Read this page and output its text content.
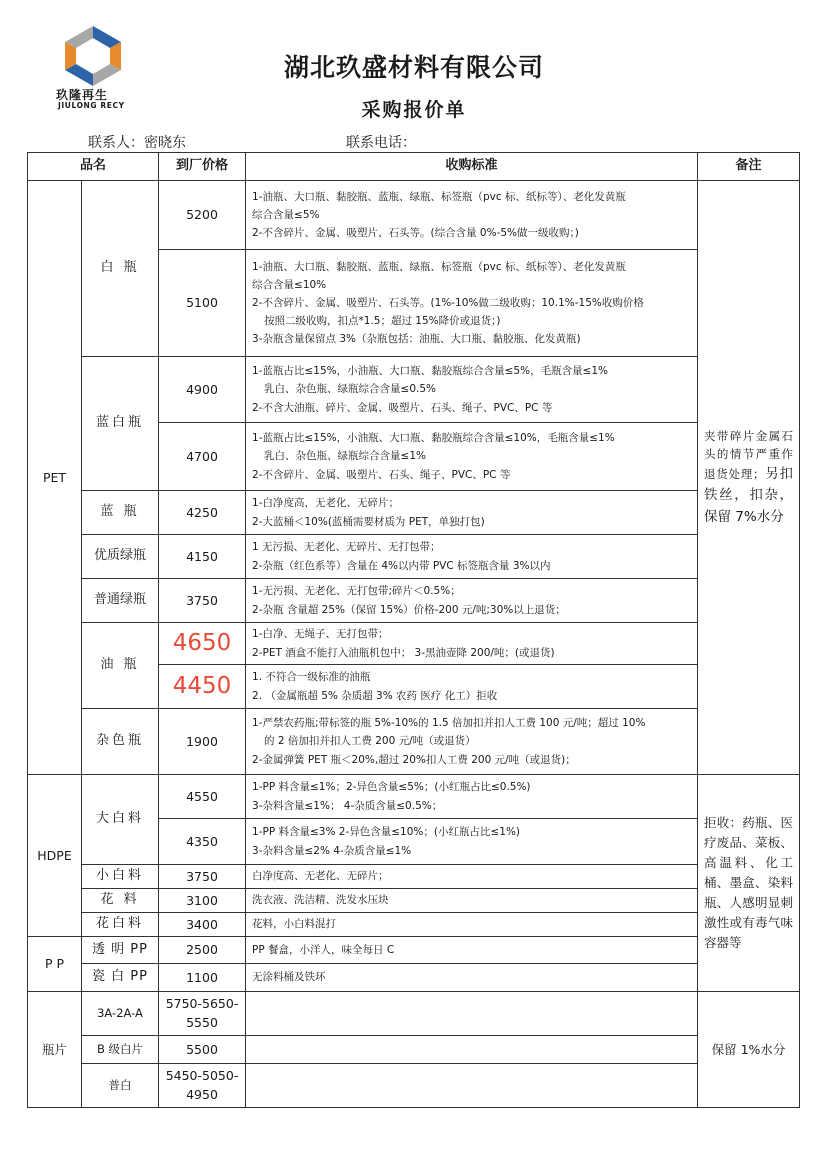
玖隆再生
JIULONG RECY
湖北玖盛材料有限公司
采购报价单
联系人：密晓东	联系电话：
品名		到厂价格	收购标准	备注
PET	白 瓶	5200	1-油瓶、大口瓶、黏胶瓶、蓝瓶、绿瓶、标签瓶（pvc 标、纸标等）、老化发黄瓶
综合含量≤5%
2-不含碎片、金属、吸塑片、石头等。(综合含量 0%-5%做一级收购；)	夹带碎片金属石头的情节严重作退货处理；另扣铁丝，扣杂，保留 7%水分
		5100	1-油瓶、大口瓶、黏胶瓶、蓝瓶、绿瓶、标签瓶（pvc 标、纸标等）、老化发黄瓶
综合含量≤10%
2-不含碎片、金属、吸塑片、石头等。(1%-10%做二级收购；10.1%-15%收购价格
按照二级收购，扣点*1.5；超过 15%降价或退货；)
3-杂瓶含量保留点 3%（杂瓶包括：油瓶、大口瓶、黏胶瓶、化发黄瓶)	

	蓝白瓶	4900	1-蓝瓶占比≤15%，小油瓶、大口瓶、黏胶瓶综合含量≤5%，毛瓶含量≤1%
乳白、杂色瓶、绿瓶综合含量≤0.5%
2-不含大油瓶、碎片、金属、吸塑片、石头、绳子、PVC、PC 等	

		4700	1-蓝瓶占比≤15%，小油瓶、大口瓶、黏胶瓶综合含量≤10%，毛瓶含量≤1%
乳白、杂色瓶、绿瓶综合含量≤1%
2-不含碎片、金属、吸塑片、石头、绳子、PVC、PC 等	

	蓝 瓶	4250	1-白净度高，无老化、无碎片；
2-大蓝桶＜10%(蓝桶需要材质为 PET，单独打包)	

	优质绿瓶	4150	1 无污损、无老化、无碎片、无打包带；
2-杂瓶（红色系等）含量在 4%以内带 PVC 标签瓶含量 3%以内	

	普通绿瓶	3750	1-无污损、无老化、无打包带;碎片＜0.5%；
2-杂瓶 含量超 25%（保留 15%）价格-200 元/吨;30%以上退货；	

	油 瓶	4650	1-白净、无绳子、无打包带；
2-PET 酒盒不能打入油瓶机包中； 3-黑油壶降 200/吨；(或退货)	

		4450	1. 不符合一级标准的油瓶
2. （金属瓶超 5% 杂质超 3% 农药 医疗 化工）拒收	

	杂色瓶	1900	1-严禁农药瓶;带标签的瓶 5%-10%的 1.5 倍加扣并扣人工费 100 元/吨；超过 10%
的 2 倍加扣并扣人工费 200 元/吨（或退货）
2-金属弹簧 PET 瓶＜20%,超过 20%扣人工费 200 元/吨（或退货)；	

HDPE	大白料	4550	1-PP 料含量≤1%；2-异色含量≤5%；(小红瓶占比≤0.5%)
3-杂料含量≤1%； 4-杂质含量≤0.5%；	拒收：药瓶、医疗废品、菜板、高温料、化工桶、墨盒、染料瓶、人感明显刺激性或有毒气味容器等
		4350	1-PP 料含量≤3% 2-异色含量≤10%；(小红瓶占比≤1%)
3-杂料含量≤2% 4-杂质含量≤1%	

	小白料	3750	白净度高、无老化、无碎片；	
	花 料	3100	洗衣液、洗洁精、洗发水压块	
	花白料	3400	花料，小白料混打	
P P	透 明 PP	2500	PP 餐盒，小洋人，味全每日 C	
	瓷 白 PP	1100	无涂料桶及铁环	
瓶片	3A-2A-A	5750-5650-5550		保留 1%水分
	B 级白片	5500		
	普白	5450-5050-4950		
